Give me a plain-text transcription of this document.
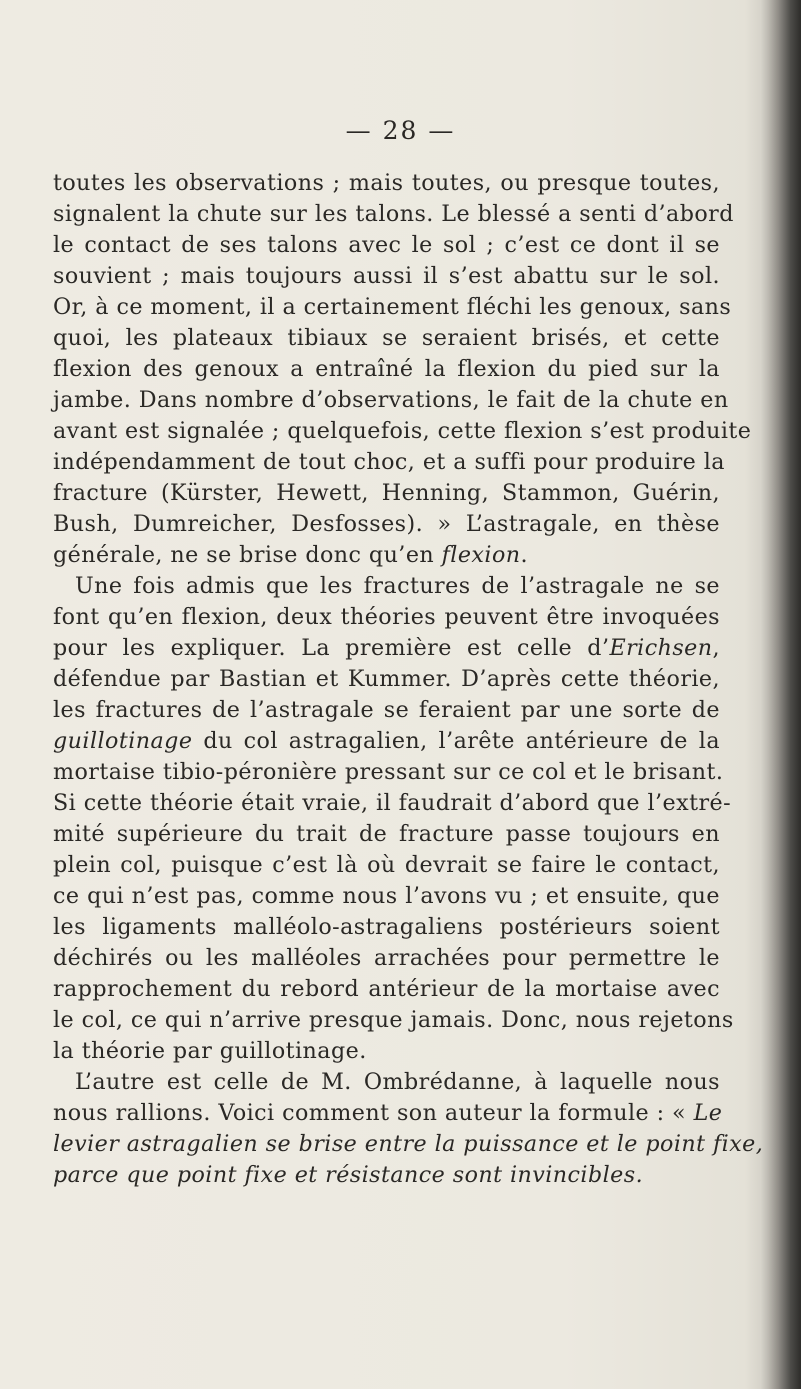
— 28 —
toutes les observations ; mais toutes, ou presque toutes,
signalent la chute sur les talons. Le blessé a senti d’abord
le contact de ses talons avec le sol ; c’est ce dont il se
souvient ; mais toujours aussi il s’est abattu sur le sol.
Or, à ce moment, il a certainement fléchi les genoux, sans
quoi, les plateaux tibiaux se seraient brisés, et cette
flexion des genoux a entraîné la flexion du pied sur la
jambe. Dans nombre d’observations, le fait de la chute en
avant est signalée ; quelquefois, cette flexion s’est produite
indépendamment de tout choc, et a suffi pour produire la
fracture (Kürster, Hewett, Henning, Stammon, Guérin,
Bush, Dumreicher, Desfosses). » L’astragale, en thèse
générale, ne se brise donc qu’en flexion.
Une fois admis que les fractures de l’astragale ne se
font qu’en flexion, deux théories peuvent être invoquées
pour les expliquer. La première est celle d’Erichsen,
défendue par Bastian et Kummer. D’après cette théorie,
les fractures de l’astragale se feraient par une sorte de
guillotinage du col astragalien, l’arête antérieure de la
mortaise tibio-péronière pressant sur ce col et le brisant.
Si cette théorie était vraie, il faudrait d’abord que l’extré-
mité supérieure du trait de fracture passe toujours en
plein col, puisque c’est là où devrait se faire le contact,
ce qui n’est pas, comme nous l’avons vu ; et ensuite, que
les ligaments malléolo-astragaliens postérieurs soient
déchirés ou les malléoles arrachées pour permettre le
rapprochement du rebord antérieur de la mortaise avec
le col, ce qui n’arrive presque jamais. Donc, nous rejetons
la théorie par guillotinage.
L’autre est celle de M. Ombrédanne, à laquelle nous
nous rallions. Voici comment son auteur la formule : « Le
levier astragalien se brise entre la puissance et le point fixe,
parce que point fixe et résistance sont invincibles.
